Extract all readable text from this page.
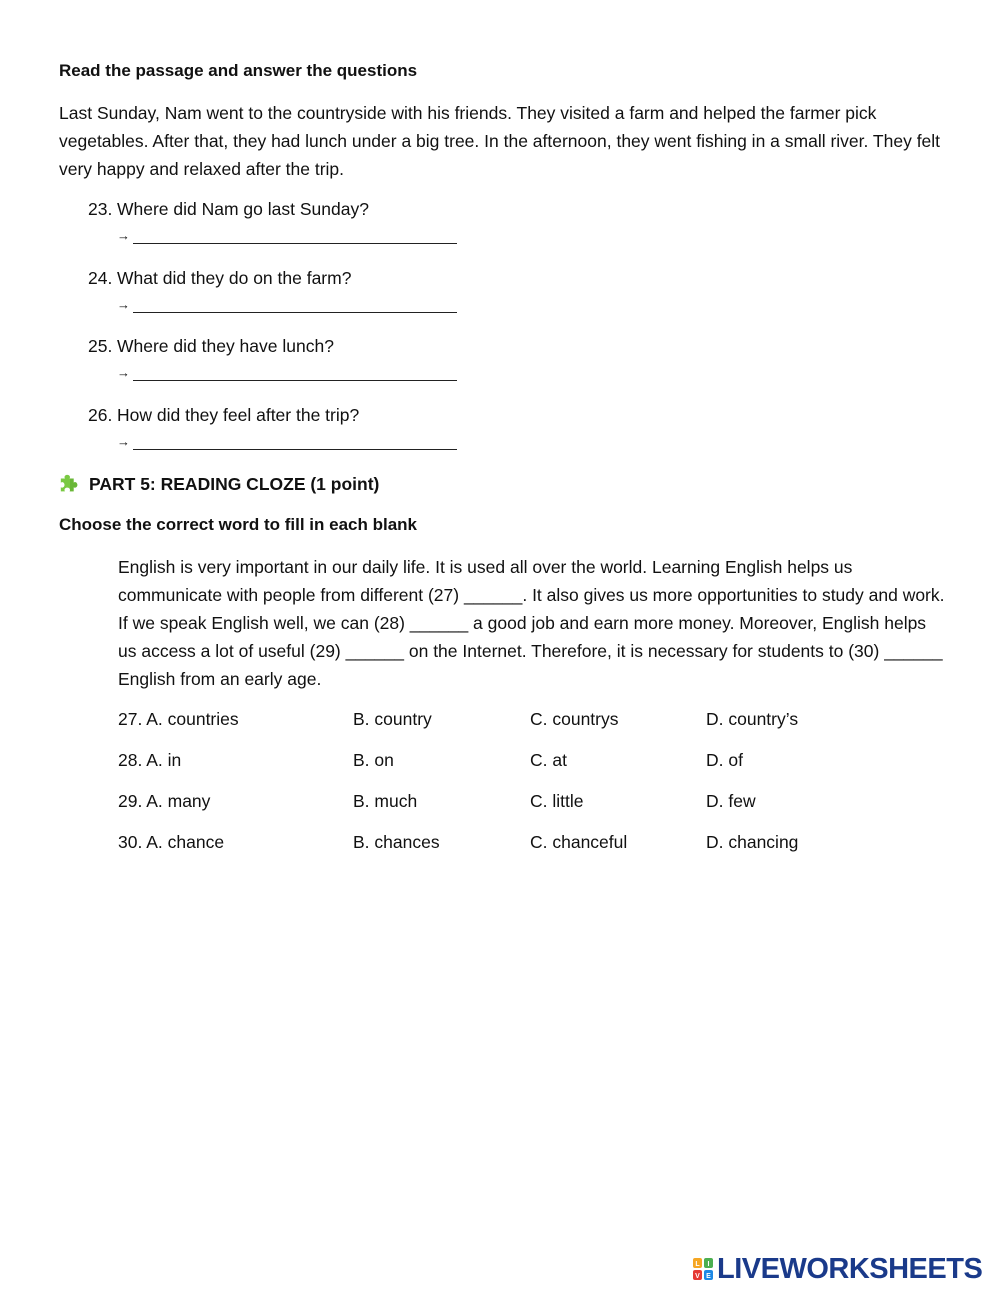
Read the passage and answer the questions

Last Sunday, Nam went to the countryside with his friends. They visited a farm and helped the farmer pick vegetables. After that, they had lunch under a big tree. In the afternoon, they went fishing in a small river. They felt very happy and relaxed after the trip.

23. Where did Nam go last Sunday?
→
24. What did they do on the farm?
→
25. Where did they have lunch?
→
26. How did they feel after the trip?
→
PART 5: READING CLOZE (1 point)
Choose the correct word to fill in each blank

English is very important in our daily life. It is used all over the world. Learning English helps us communicate with people from different (27) ______. It also gives us more opportunities to study and work. If we speak English well, we can (28) ______ a good job and earn more money. Moreover, English helps us access a lot of useful (29) ______ on the Internet. Therefore, it is necessary for students to (30) ______ English from an early age.

27. A. countries	B. country	C. countrys	D. country’s
28. A. in	B. on	C. at	D. of
29. A. many	B. much	C. little	D. few
30. A. chance	B. chances	C. chanceful	D. chancing
L I
V E LIVEWORKSHEETS
